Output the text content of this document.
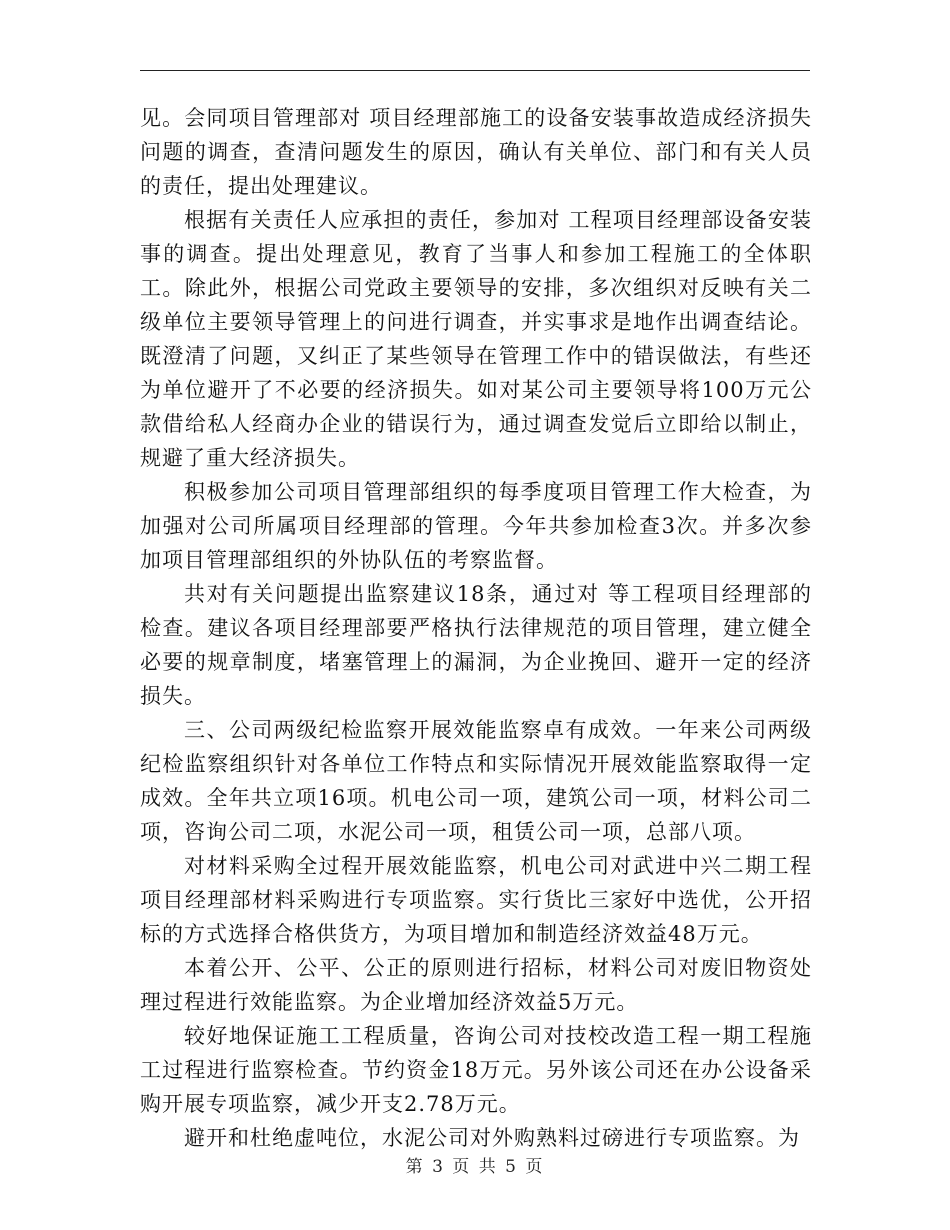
见。会同项目管理部对 项目经理部施工的设备安装事故造成经济损失问题的调查，查清问题发生的原因，确认有关单位、部门和有关人员的责任，提出处理建议。

根据有关责任人应承担的责任，参加对 工程项目经理部设备安装事的调查。提出处理意见，教育了当事人和参加工程施工的全体职工。除此外，根据公司党政主要领导的安排，多次组织对反映有关二级单位主要领导管理上的问进行调查，并实事求是地作出调查结论。既澄清了问题，又纠正了某些领导在管理工作中的错误做法，有些还为单位避开了不必要的经济损失。如对某公司主要领导将100万元公款借给私人经商办企业的错误行为，通过调查发觉后立即给以制止，规避了重大经济损失。

积极参加公司项目管理部组织的每季度项目管理工作大检查，为加强对公司所属项目经理部的管理。今年共参加检查3次。并多次参加项目管理部组织的外协队伍的考察监督。

共对有关问题提出监察建议18条，通过对 等工程项目经理部的检查。建议各项目经理部要严格执行法律规范的项目管理，建立健全必要的规章制度，堵塞管理上的漏洞，为企业挽回、避开一定的经济损失。

三、公司两级纪检监察开展效能监察卓有成效。一年来公司两级纪检监察组织针对各单位工作特点和实际情况开展效能监察取得一定成效。全年共立项16项。机电公司一项，建筑公司一项，材料公司二项，咨询公司二项，水泥公司一项，租赁公司一项，总部八项。

对材料采购全过程开展效能监察，机电公司对武进中兴二期工程项目经理部材料采购进行专项监察。实行货比三家好中选优，公开招标的方式选择合格供货方，为项目增加和制造经济效益48万元。

本着公开、公平、公正的原则进行招标，材料公司对废旧物资处理过程进行效能监察。为企业增加经济效益5万元。

较好地保证施工工程质量，咨询公司对技校改造工程一期工程施工过程进行监察检查。节约资金18万元。另外该公司还在办公设备采购开展专项监察，减少开支2.78万元。

避开和杜绝虚吨位，水泥公司对外购熟料过磅进行专项监察。为

第 3 页 共 5 页
